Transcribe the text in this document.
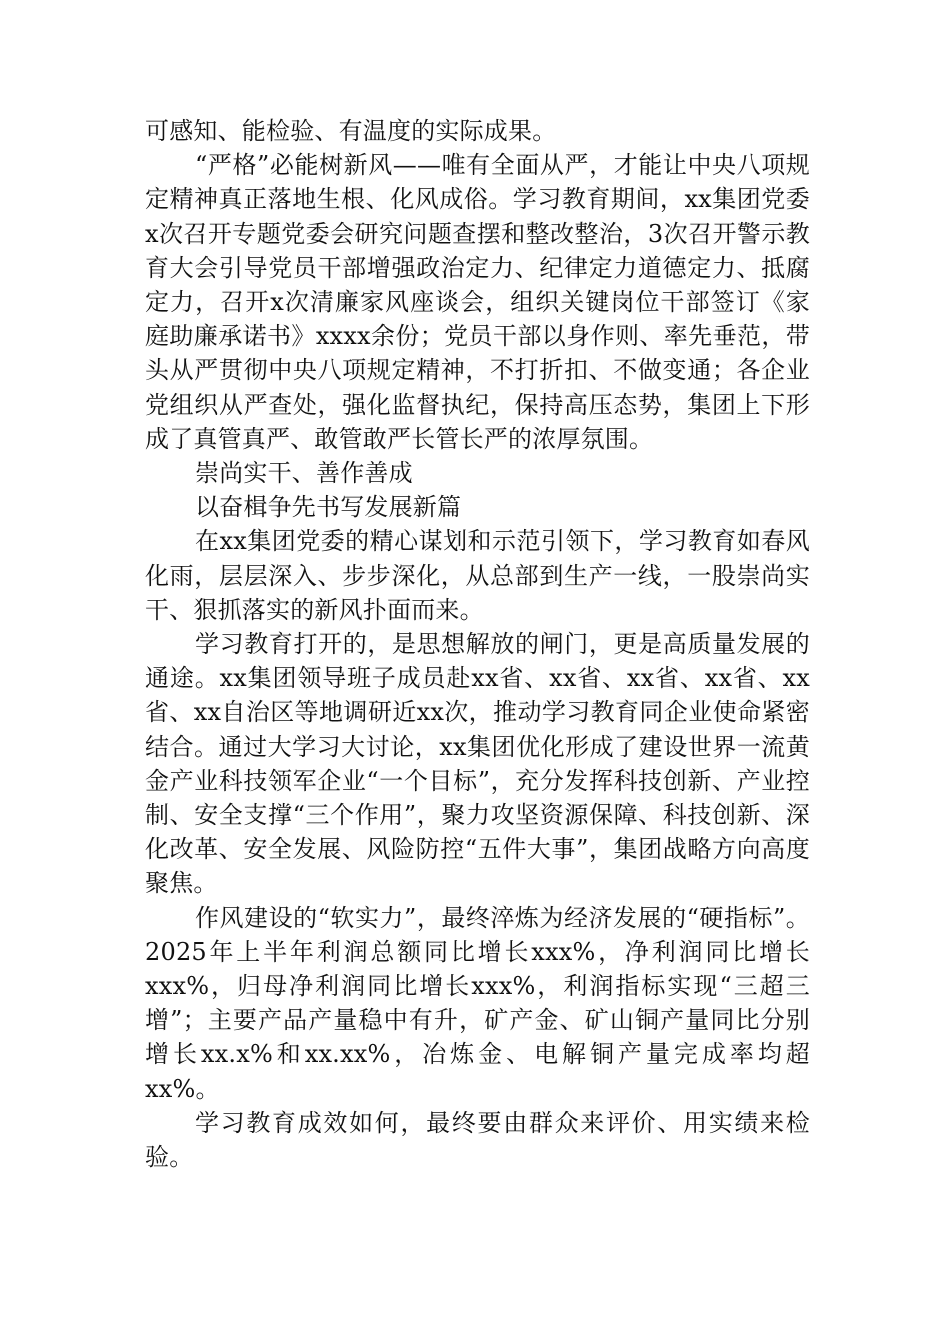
可感知、能检验、有温度的实际成果。

“严格”必能树新风——唯有全面从严，才能让中央八项规定精神真正落地生根、化风成俗。学习教育期间，xx集团党委x次召开专题党委会研究问题查摆和整改整治，3次召开警示教育大会引导党员干部增强政治定力、纪律定力道德定力、抵腐定力，召开x次清廉家风座谈会，组织关键岗位干部签订《家庭助廉承诺书》xxxx余份；党员干部以身作则、率先垂范，带头从严贯彻中央八项规定精神，不打折扣、不做变通；各企业党组织从严查处，强化监督执纪，保持高压态势，集团上下形成了真管真严、敢管敢严长管长严的浓厚氛围。

崇尚实干、善作善成

以奋楫争先书写发展新篇

在xx集团党委的精心谋划和示范引领下，学习教育如春风化雨，层层深入、步步深化，从总部到生产一线，一股崇尚实干、狠抓落实的新风扑面而来。

学习教育打开的，是思想解放的闸门，更是高质量发展的通途。xx集团领导班子成员赴xx省、xx省、xx省、xx省、xx省、xx自治区等地调研近xx次，推动学习教育同企业使命紧密结合。通过大学习大讨论，xx集团优化形成了建设世界一流黄金产业科技领军企业“一个目标”，充分发挥科技创新、产业控制、安全支撑“三个作用”，聚力攻坚资源保障、科技创新、深化改革、安全发展、风险防控“五件大事”，集团战略方向高度聚焦。

作风建设的“软实力”，最终淬炼为经济发展的“硬指标”。2025年上半年利润总额同比增长xxx%，净利润同比增长xxx%，归母净利润同比增长xxx%，利润指标实现“三超三增”；主要产品产量稳中有升，矿产金、矿山铜产量同比分别增长xx.x%和xx.xx%，冶炼金、电解铜产量完成率均超xx%。

学习教育成效如何，最终要由群众来评价、用实绩来检验。
